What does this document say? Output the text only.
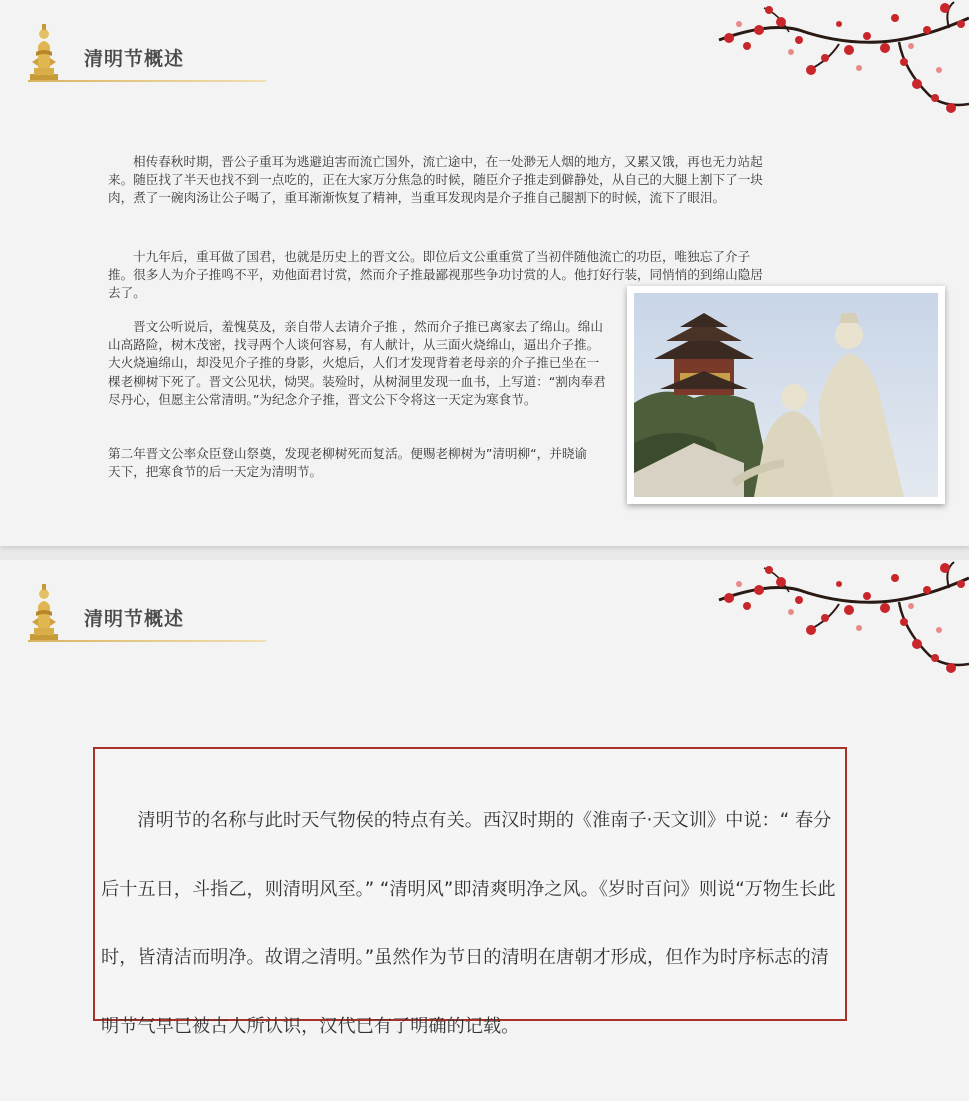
清明节概述

相传春秋时期，晋公子重耳为逃避迫害而流亡国外，流亡途中，在一处渺无人烟的地方，又累又饿，再也无力站起来。随臣找了半天也找不到一点吃的，正在大家万分焦急的时候，随臣介子推走到僻静处，从自己的大腿上割下了一块肉，煮了一碗肉汤让公子喝了，重耳渐渐恢复了精神，当重耳发现肉是介子推自己腿割下的时候，流下了眼泪。

十九年后，重耳做了国君，也就是历史上的晋文公。即位后文公重重赏了当初伴随他流亡的功臣，唯独忘了介子推。很多人为介子推鸣不平，劝他面君讨赏，然而介子推最鄙视那些争功讨赏的人。他打好行装，同悄悄的到绵山隐居去了。

晋文公听说后，羞愧莫及，亲自带人去请介子推 ，然而介子推已离家去了绵山。绵山山高路险，树木茂密，找寻两个人谈何容易，有人献计，从三面火烧绵山，逼出介子推。 大火烧遍绵山，却没见介子推的身影，火熄后，人们才发现背着老母亲的介子推已坐在一棵老柳树下死了。晋文公见状，恸哭。装殓时，从树洞里发现一血书，上写道：“割肉奉君尽丹心，但愿主公常清明。”为纪念介子推，晋文公下令将这一天定为寒食节。

第二年晋文公率众臣登山祭奠，发现老柳树死而复活。便赐老柳树为”清明柳“，并晓谕天下，把寒食节的后一天定为清明节。

清明节概述

清明节的名称与此时天气物侯的特点有关。西汉时期的《淮南子·天文训》中说：“ 春分后十五日，斗指乙，则清明风至。” “清明风”即清爽明净之风。《岁时百问》则说“万物生长此时，皆清洁而明净。故谓之清明。”虽然作为节日的清明在唐朝才形成，但作为时序标志的清明节气早已被古人所认识，汉代已有了明确的记载。
